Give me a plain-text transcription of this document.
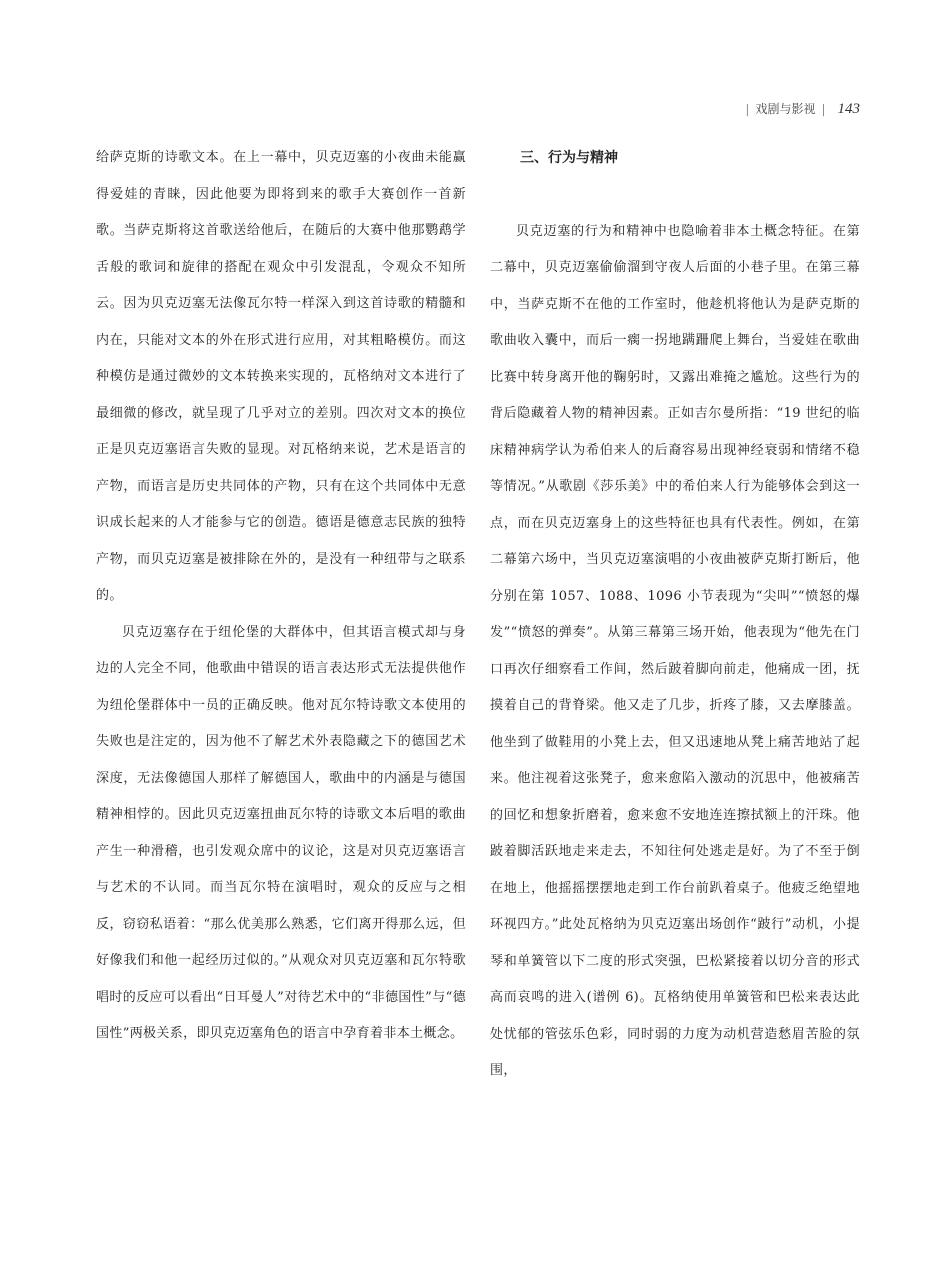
| 戏剧与影视 | 143

给萨克斯的诗歌文本。在上一幕中，贝克迈塞的小夜曲未能赢得爱娃的青睐，因此他要为即将到来的歌手大赛创作一首新歌。当萨克斯将这首歌送给他后，在随后的大赛中他那鹦鹉学舌般的歌词和旋律的搭配在观众中引发混乱，令观众不知所云。因为贝克迈塞无法像瓦尔特一样深入到这首诗歌的精髓和内在，只能对文本的外在形式进行应用，对其粗略模仿。而这种模仿是通过微妙的文本转换来实现的，瓦格纳对文本进行了最细微的修改，就呈现了几乎对立的差别。四次对文本的换位正是贝克迈塞语言失败的显现。对瓦格纳来说，艺术是语言的产物，而语言是历史共同体的产物，只有在这个共同体中无意识成长起来的人才能参与它的创造。德语是德意志民族的独特产物，而贝克迈塞是被排除在外的，是没有一种纽带与之联系的。

贝克迈塞存在于纽伦堡的大群体中，但其语言模式却与身边的人完全不同，他歌曲中错误的语言表达形式无法提供他作为纽伦堡群体中一员的正确反映。他对瓦尔特诗歌文本使用的失败也是注定的，因为他不了解艺术外表隐藏之下的德国艺术深度，无法像德国人那样了解德国人，歌曲中的内涵是与德国精神相悖的。因此贝克迈塞扭曲瓦尔特的诗歌文本后唱的歌曲产生一种滑稽，也引发观众席中的议论，这是对贝克迈塞语言与艺术的不认同。而当瓦尔特在演唱时，观众的反应与之相反，窃窃私语着：“那么优美那么熟悉，它们离开得那么远，但好像我们和他一起经历过似的。”从观众对贝克迈塞和瓦尔特歌唱时的反应可以看出“日耳曼人”对待艺术中的“非德国性”与“德国性”两极关系，即贝克迈塞角色的语言中孕育着非本土概念。

三、行为与精神

贝克迈塞的行为和精神中也隐喻着非本土概念特征。在第二幕中，贝克迈塞偷偷溜到守夜人后面的小巷子里。在第三幕中，当萨克斯不在他的工作室时，他趁机将他认为是萨克斯的歌曲收入囊中，而后一瘸一拐地蹒跚爬上舞台，当爱娃在歌曲比赛中转身离开他的鞠躬时，又露出难掩之尴尬。这些行为的背后隐藏着人物的精神因素。正如吉尔曼所指：“19 世纪的临床精神病学认为希伯来人的后裔容易出现神经衰弱和情绪不稳等情况。”从歌剧《莎乐美》中的希伯来人行为能够体会到这一点，而在贝克迈塞身上的这些特征也具有代表性。例如，在第二幕第六场中，当贝克迈塞演唱的小夜曲被萨克斯打断后，他分别在第 1057、1088、1096 小节表现为“尖叫”“愤怒的爆发”“愤怒的弹奏”。从第三幕第三场开始，他表现为“他先在门口再次仔细察看工作间，然后跛着脚向前走，他痛成一团，抚摸着自己的背脊梁。他又走了几步，折疼了膝，又去摩膝盖。他坐到了做鞋用的小凳上去，但又迅速地从凳上痛苦地站了起来。他注视着这张凳子，愈来愈陷入激动的沉思中，他被痛苦的回忆和想象折磨着，愈来愈不安地连连擦拭额上的汗珠。他跛着脚活跃地走来走去，不知往何处逃走是好。为了不至于倒在地上，他摇摇摆摆地走到工作台前趴着桌子。他疲乏绝望地环视四方。”此处瓦格纳为贝克迈塞出场创作“跛行”动机，小提琴和单簧管以下二度的形式突强，巴松紧接着以切分音的形式高而哀鸣的进入(谱例 6)。瓦格纳使用单簧管和巴松来表达此处忧郁的管弦乐色彩，同时弱的力度为动机营造愁眉苦脸的氛围，
